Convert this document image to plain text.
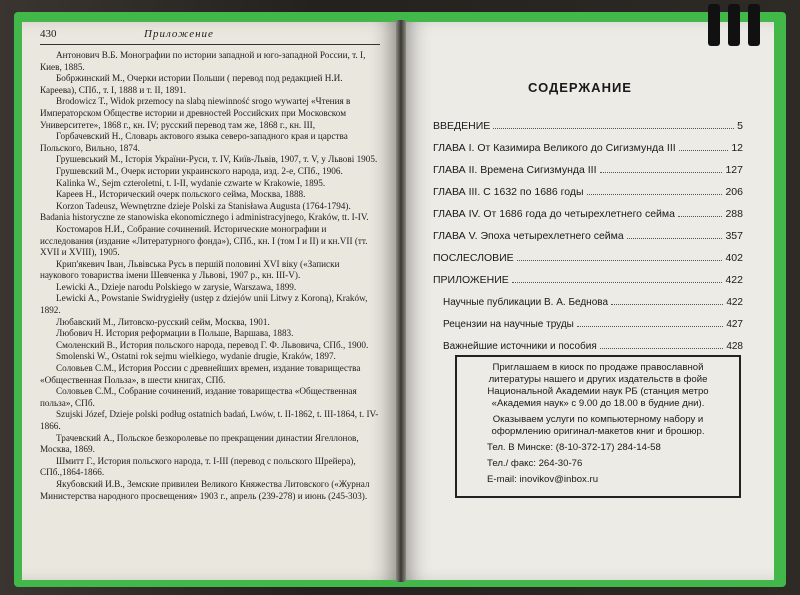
430	Приложение

Антонович В.Б. Монографии по истории западной и юго-западной России, т. I, Киев, 1885.

Бобржинский М., Очерки истории Польши ( перевод под редакцией Н.И. Кареева), СПб., т. I, 1888 и т. II, 1891.

Brodowicz T., Widok przemocy na slabą niewinność srogo wywartej «Чтения в Императорском Обществе истории и древностей Российских при Московском Университете», 1868 г., кн. IV; русский перевод там же, 1868 г., кн. III,

Горбачевский Н., Словарь актового языка северо-западного края и царства Польского, Вильно, 1874.

Грушевський М., Історія України-Руси, т. IV, Київ-Львів, 1907, т. V, у Львові 1905.

Грушевский М., Очерк истории украинского народа, изд. 2-е, СПб., 1906.

Kalinka W., Sejm czteroletni, t. I-II, wydanie czwarte w Krakowie, 1895.

Кареев Н., Исторический очерк польского сейма, Москва, 1888.

Korzon Tadeusz, Wewnętrzne dzieje Polski za Stanisława Augusta (1764-1794). Badania historyczne ze stanowiska ekonomicznego i administracyjnego, Kraków, tt. I-IV.

Костомаров Н.И., Собрание сочинений. Исторические монографии и исследования (издание «Литературного фонда»), СПб., кн. I (том I и II) и кн.VII (тт. XVII и XVIII), 1905.

Крип'якевич Іван, Львівська Русь в першій половині XVI віку («Записки наукового товариства імени Шевченка у Львові, 1907 р., кн. III-V).

Lewicki A., Dzieje narodu Polskiego w zarysie, Warszawa, 1899.

Lewicki A., Powstanie Swidrygiełły (ustęp z dziejów unii Litwy z Koroną), Kraków, 1892.

Любавский М., Литовско-русский сейм, Москва, 1901.

Любович Н. История реформации в Польше, Варшава, 1883.

Смоленский В., История польского народа, перевод Г. Ф. Львовича, СПб., 1900.

Smolenski W., Ostatni rok sejmu wielkiego, wydanie drugie, Kraków, 1897.

Соловьев С.М., История России с древнейших времен, издание товарищества «Общественная Польза», в шести книгах, СПб.

Соловьев С.М., Собрание сочинений, издание товарищества «Общественная польза», СПб.

Szujski Józef, Dzieje polski podług ostatnich badań, Lwów, t. II-1862, t. III-1864, t. IV-1866.

Трачевский А., Польское безкоролевье по прекращении династии Ягеллонов, Москва, 1869.

Шмитт Г., История польского народа, т. I-III (перевод с польского Шрейера), СПб.,1864-1866.

Якубовский И.В., Земские привилеи Великого Княжества Литовского («Журнал Министерства народного просвещения» 1903 г., апрель (239-278) и июнь (245-303).

СОДЕРЖАНИЕ
ВВЕДЕНИЕ	5
ГЛАВА I. От Казимира Великого до Сигизмунда III	12
ГЛАВА II. Времена Сигизмунда III	127
ГЛАВА III. С 1632 по 1686 годы	206
ГЛАВА IV. От 1686 года до четырехлетнего сейма	288
ГЛАВА V. Эпоха четырехлетнего сейма	357
ПОСЛЕСЛОВИЕ	402
ПРИЛОЖЕНИЕ	422
Научные публикации В. А. Беднова	422
Рецензии на научные труды	427
Важнейшие источники и пособия	428

Приглашаем в киоск по продаже православной литературы нашего и других издательств в фойе Национальной Академии наук РБ (станция метро «Академия наук» с 9.00 до 18.00 в будние дни).

Оказываем услуги по компьютерному набору и оформлению оригинал-макетов книг и брошюр.

Тел. В Минске: (8-10-372-17) 284-14-58
Тел./ факс: 264-30-76
E-mail: inovikov@inbox.ru
